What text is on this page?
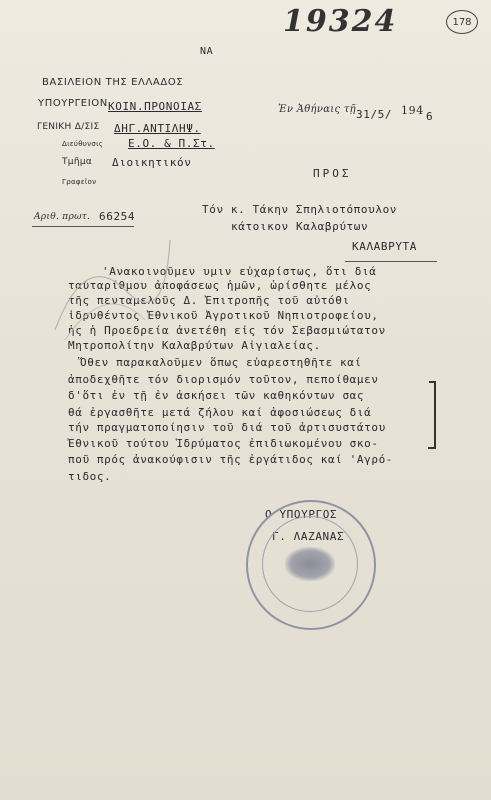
19324	178
ΝΑ
ΒΑΣΙΛΕΙΟΝ ΤΗΣ ΕΛΛΑΔΟΣ
ΥΠΟΥΡΓΕΙΟΝ ΚΟΙΝ.ΠΡΟΝΟΙΑΣ
ΓΕΝΙΚΗ Δ/ΣΙΣ ΔΗΓ.ΑΝΤΙΛΗΨ.
Διεύθυνσις Ε.Ο. & Π.Στ.
Τμῆμα Διοικητικόν
Γραφεῖον
Αριθ. πρωτ. 66254
Ἐν Ἀθήναις τῇ 31/5/ 194 6
ΠΡΟΣ
Τόν κ. Τάκην Σπηλιοτόπουλον
κάτοικον Καλαβρύτων
ΚΑΛΑΒΡΥΤΑ
'Ανακοινοῦμεν υμιν εὐχαρίστως, ὅτι διά
ταὐταρίθμου ἀποφάσεως ἡμῶν, ὡρίσθητε μέλος
τῆς πενταμελοῦς Δ. Ἐπιτροπῆς τοῦ αὐτόθι
ἱδρυθέντος Ἐθνικοῦ Ἀγροτικοῦ Νηπιοτροφείου,
ἡς ἡ Προεδρεία ἀνετέθη εἰς τόν Σεβασμιώτατον
Μητροπολίτην Καλαβρύτων Αἰγιαλείας.
Ὅθεν παρακαλοῦμεν ὅπως εὐαρεστηθῆτε καί
ἀποδεχθῆτε τόν διορισμόν τοῦτον, πεποίθαμεν
δ'ὅτι ἐν τῇ ἐν ἀσκήσει τῶν καθηκόντων σας
θά ἐργασθῆτε μετά ζήλου καί ἀφοσιώσεως διά
τήν πραγματοποίησιν τοῦ διά τοῦ ἀρτισυστάτου
Ἐθνικοῦ τούτου Ἱδρύματος ἐπιδιωκομένου σκο-
ποῦ πρός ἀνακούφισιν τῆς ἐργάτιδος καί 'Αγρό-
τιδος.
Ο ΥΠΟΥΡΓΟΣ
Γ. ΛΑΖΑΝΑΣ
